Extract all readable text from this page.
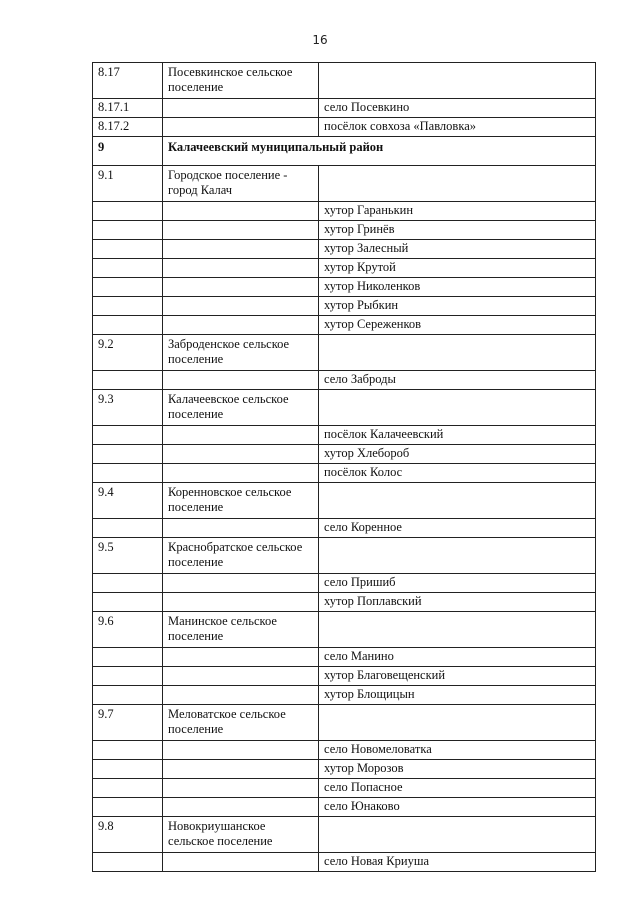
16
8.17	Посевкинское сельское поселение	
8.17.1		село Посевкино
8.17.2		посёлок совхоза «Павловка»
9	Калачеевский муниципальный район	
9.1	Городское поселение - город Калач	
		хутор Гаранькин
		хутор Гринёв
		хутор Залесный
		хутор Крутой
		хутор Николенков
		хутор Рыбкин
		хутор Сереженков
9.2	Заброденское сельское поселение	
		село Заброды
9.3	Калачеевское сельское поселение	
		посёлок Калачеевский
		хутор Хлебороб
		посёлок Колос
9.4	Коренновское сельское поселение	
		село Коренное
9.5	Краснобратское сельское поселение	
		село Пришиб
		хутор Поплавский
9.6	Манинское сельское поселение	
		село Манино
		хутор Благовещенский
		хутор Блощицын
9.7	Меловатское сельское поселение	
		село Новомеловатка
		хутор Морозов
		село Попасное
		село Юнаково
9.8	Новокриушанское сельское поселение	
		село Новая Криуша
